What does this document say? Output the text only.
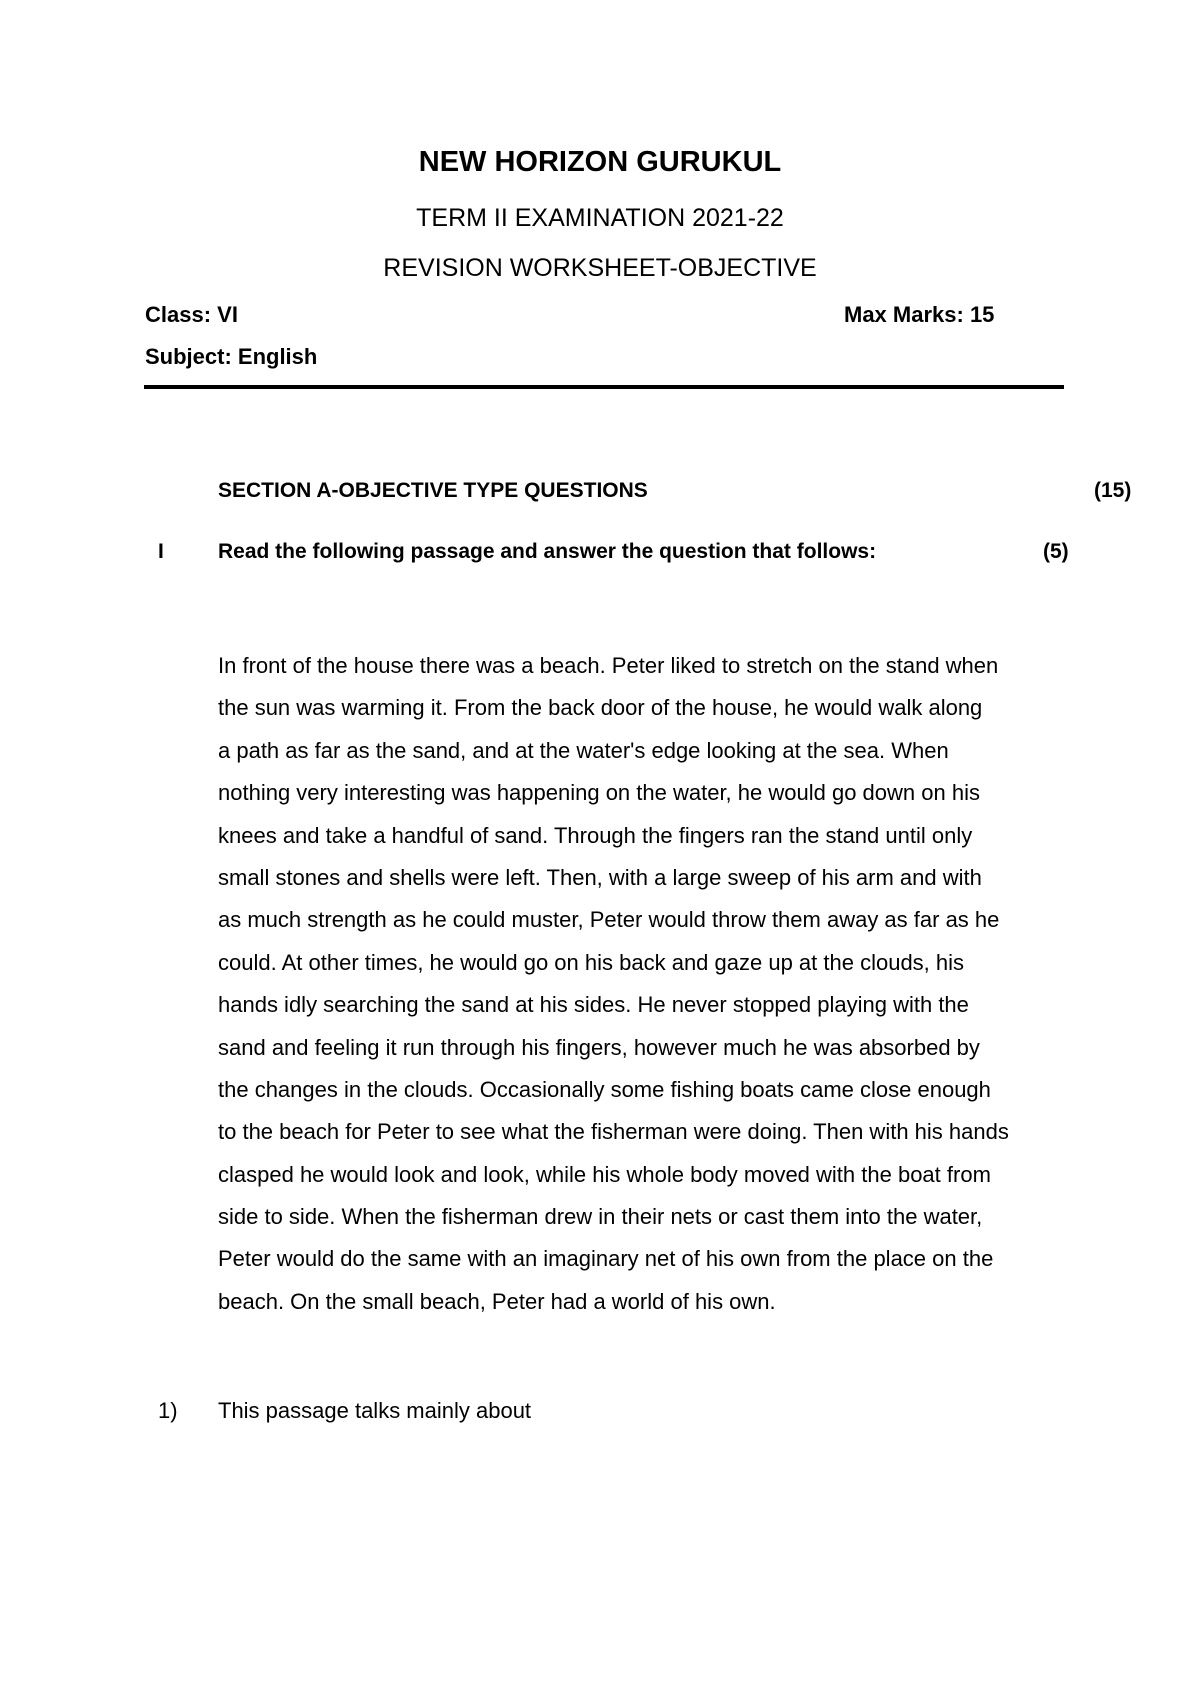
NEW HORIZON GURUKUL
TERM II EXAMINATION 2021-22
REVISION WORKSHEET-OBJECTIVE
Class: VI	Max Marks: 15
Subject: English
SECTION A-OBJECTIVE TYPE QUESTIONS	(15)
I	Read the following passage and answer the question that follows:	(5)
In front of the house there was a beach. Peter liked to stretch on the stand when
the sun was warming it. From the back door of the house, he would walk along
a path as far as the sand, and at the water's edge looking at the sea. When
nothing very interesting was happening on the water, he would go down on his
knees and take a handful of sand. Through the fingers ran the stand until only
small stones and shells were left. Then, with a large sweep of his arm and with
as much strength as he could muster, Peter would throw them away as far as he
could. At other times, he would go on his back and gaze up at the clouds, his
hands idly searching the sand at his sides. He never stopped playing with the
sand and feeling it run through his fingers, however much he was absorbed by
the changes in the clouds. Occasionally some fishing boats came close enough
to the beach for Peter to see what the fisherman were doing. Then with his hands
clasped he would look and look, while his whole body moved with the boat from
side to side. When the fisherman drew in their nets or cast them into the water,
Peter would do the same with an imaginary net of his own from the place on the
beach. On the small beach, Peter had a world of his own.
1) This passage talks mainly about
